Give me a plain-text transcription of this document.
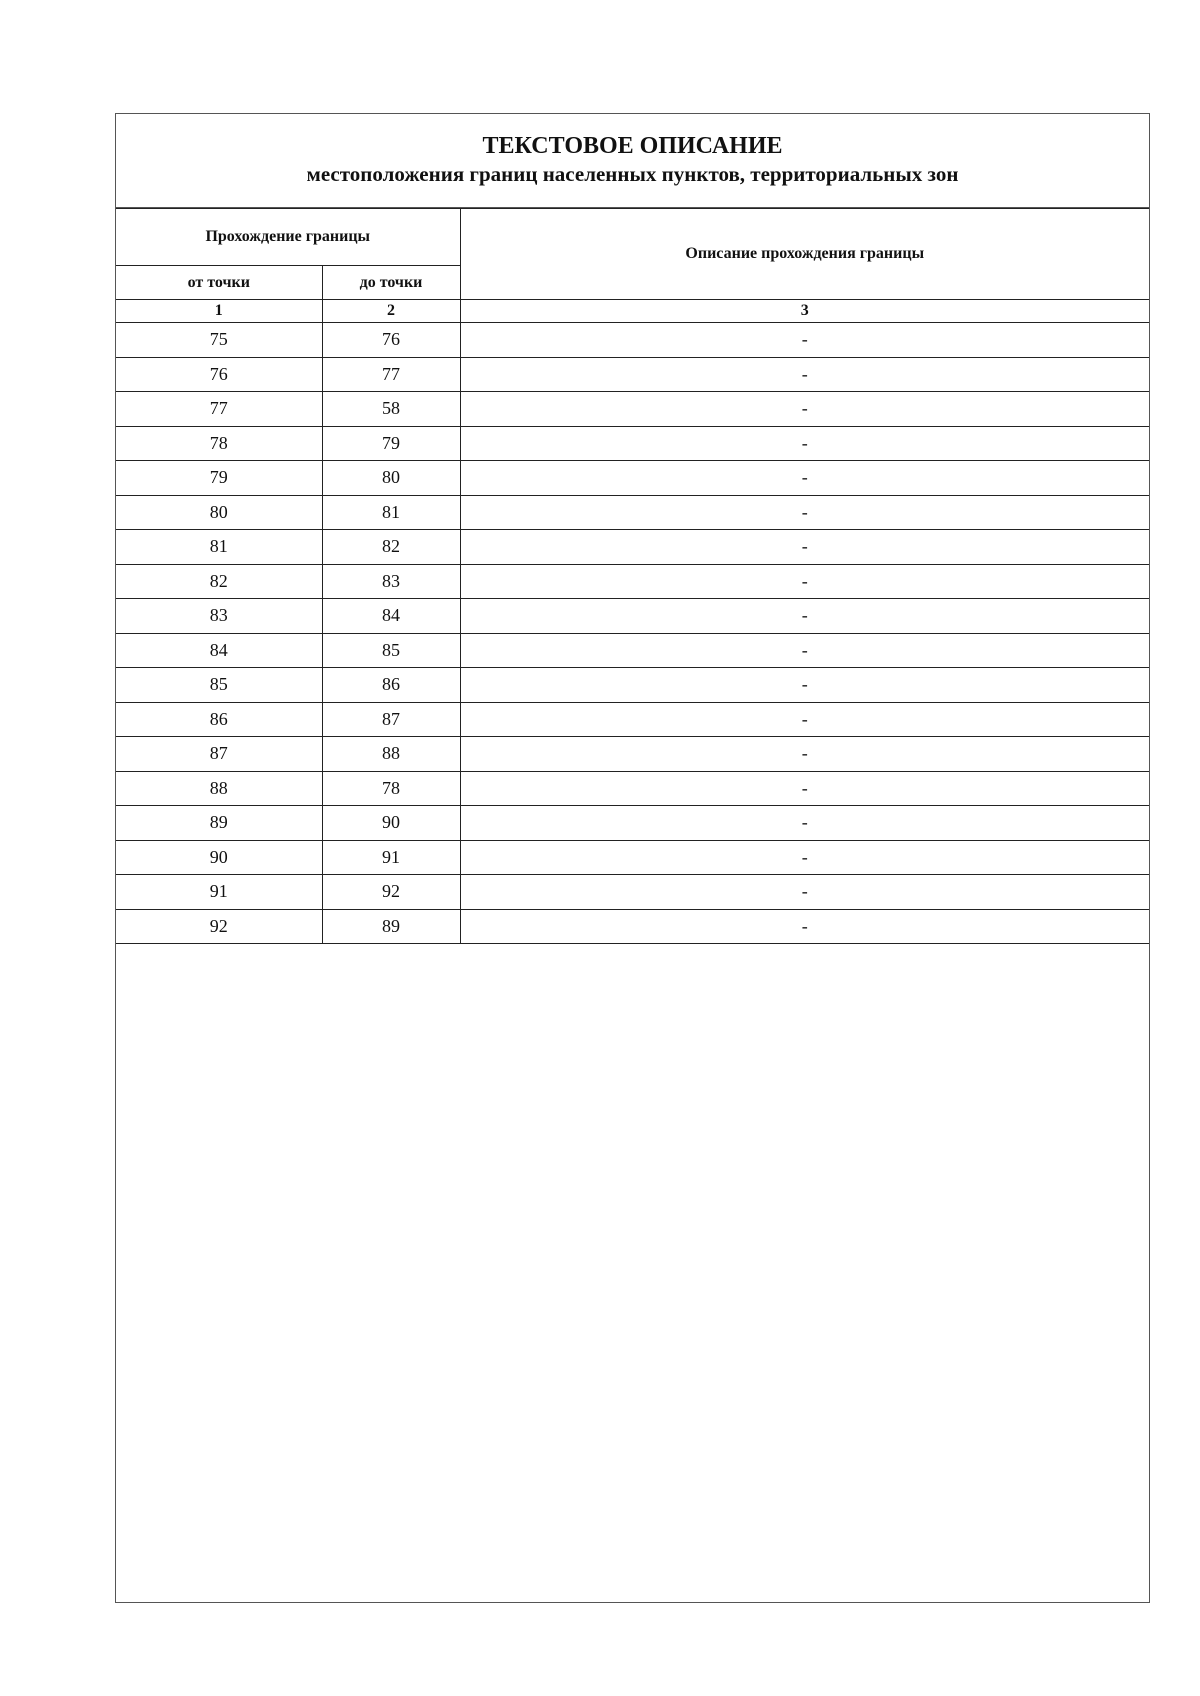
ТЕКСТОВОЕ ОПИСАНИЕ
местоположения границ населенных пунктов, территориальных зон
Прохождение границы		Описание прохождения границы
от точки	до точки	
1	2	3
75	76	-
76	77	-
77	58	-
78	79	-
79	80	-
80	81	-
81	82	-
82	83	-
83	84	-
84	85	-
85	86	-
86	87	-
87	88	-
88	78	-
89	90	-
90	91	-
91	92	-
92	89	-
